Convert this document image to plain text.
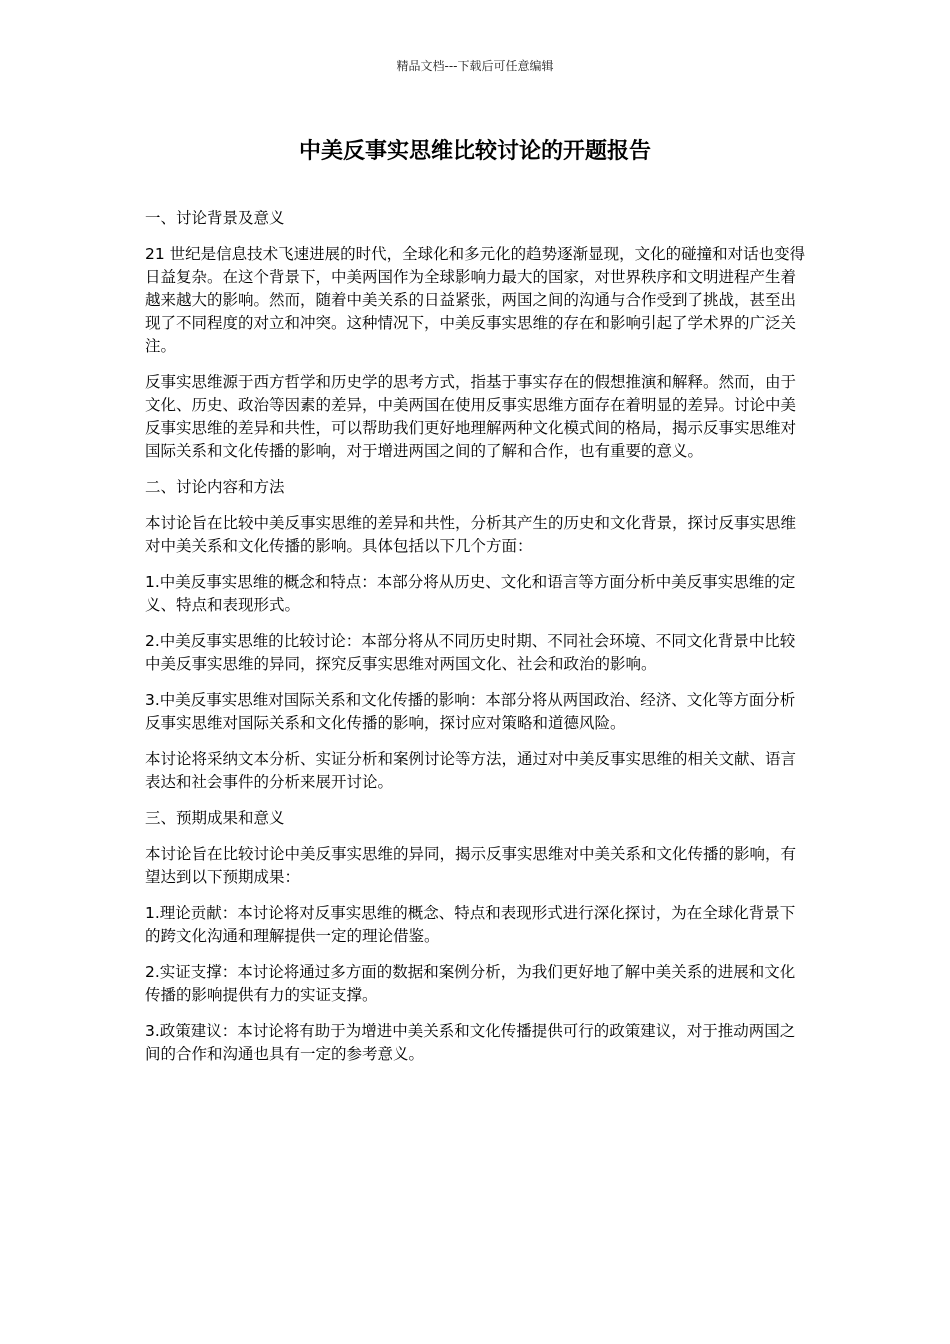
精品文档---下载后可任意编辑
中美反事实思维比较讨论的开题报告

一、讨论背景及意义

21 世纪是信息技术飞速进展的时代，全球化和多元化的趋势逐渐显现，文化的碰撞和对话也变得日益复杂。在这个背景下，中美两国作为全球影响力最大的国家，对世界秩序和文明进程产生着越来越大的影响。然而，随着中美关系的日益紧张，两国之间的沟通与合作受到了挑战，甚至出现了不同程度的对立和冲突。这种情况下，中美反事实思维的存在和影响引起了学术界的广泛关注。

反事实思维源于西方哲学和历史学的思考方式，指基于事实存在的假想推演和解释。然而，由于文化、历史、政治等因素的差异，中美两国在使用反事实思维方面存在着明显的差异。讨论中美反事实思维的差异和共性，可以帮助我们更好地理解两种文化模式间的格局，揭示反事实思维对国际关系和文化传播的影响，对于增进两国之间的了解和合作，也有重要的意义。

二、讨论内容和方法

本讨论旨在比较中美反事实思维的差异和共性，分析其产生的历史和文化背景，探讨反事实思维对中美关系和文化传播的影响。具体包括以下几个方面：

1.中美反事实思维的概念和特点：本部分将从历史、文化和语言等方面分析中美反事实思维的定义、特点和表现形式。

2.中美反事实思维的比较讨论：本部分将从不同历史时期、不同社会环境、不同文化背景中比较中美反事实思维的异同，探究反事实思维对两国文化、社会和政治的影响。

3.中美反事实思维对国际关系和文化传播的影响：本部分将从两国政治、经济、文化等方面分析反事实思维对国际关系和文化传播的影响，探讨应对策略和道德风险。

本讨论将采纳文本分析、实证分析和案例讨论等方法，通过对中美反事实思维的相关文献、语言表达和社会事件的分析来展开讨论。

三、预期成果和意义

本讨论旨在比较讨论中美反事实思维的异同，揭示反事实思维对中美关系和文化传播的影响，有望达到以下预期成果：

1.理论贡献：本讨论将对反事实思维的概念、特点和表现形式进行深化探讨，为在全球化背景下的跨文化沟通和理解提供一定的理论借鉴。

2.实证支撑：本讨论将通过多方面的数据和案例分析，为我们更好地了解中美关系的进展和文化传播的影响提供有力的实证支撑。

3.政策建议：本讨论将有助于为增进中美关系和文化传播提供可行的政策建议，对于推动两国之间的合作和沟通也具有一定的参考意义。
